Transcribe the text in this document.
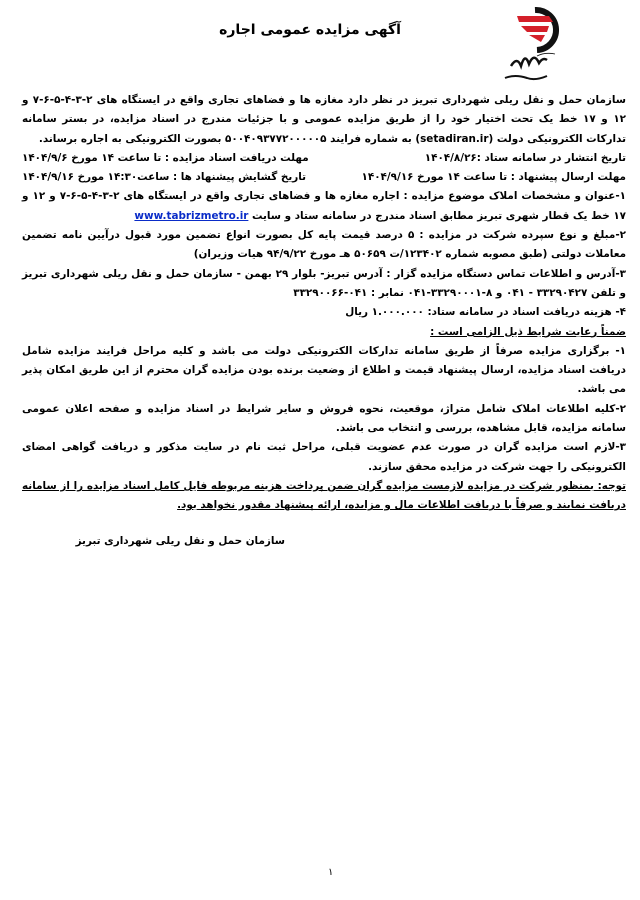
آگهی مزایده عمومی اجاره

سازمان حمل و نقل ریلی شهرداری تبریز در نظر دارد مغازه ها و فضاهای تجاری واقع در ایستگاه های ۲-۳-۴-۵-۶-۷ و ۱۲ و ۱۷ خط یک تحت اختیار خود را از طریق مزایده عمومی و با جزئیات مندرج در اسناد مزایده، در بستر سامانه تدارکات الکترونیکی دولت (setadiran.ir) به شماره فرایند ۵۰۰۴۰۹۳۷۷۲۰۰۰۰۰۵ بصورت الکترونیکی به اجاره برساند.

تاریخ انتشار در سامانه ستاد :۱۴۰۴/۸/۲۶
مهلت دریافت اسناد مزایده : تا ساعت ۱۴ مورخ ۱۴۰۴/۹/۶
مهلت ارسال پیشنهاد : تا ساعت ۱۴ مورخ ۱۴۰۴/۹/۱۶
تاریخ گشایش پیشنهاد ها : ساعت۱۴:۳۰ مورخ ۱۴۰۴/۹/۱۶

۱-عنوان و مشخصات املاک موضوع مزایده : اجاره مغازه ها و فضاهای تجاری واقع در ایستگاه های ۲-۳-۴-۵-۶-۷ و ۱۲ و ۱۷ خط یک قطار شهری تبریز مطابق اسناد مندرج در سامانه ستاد و سایت www.tabrizmetro.ir

۲-مبلغ و نوع سپرده شرکت در مزایده : ۵ درصد قیمت پایه کل بصورت انواع تضمین مورد قبول درآیین نامه تضمین معاملات دولتی (طبق مصوبه شماره ۱۲۳۴۰۲/ت ۵۰۶۵۹ هـ مورخ ۹۴/۹/۲۲ هیات وزیران)

۳-آدرس و اطلاعات تماس دستگاه مزایده گزار : آدرس تبریز- بلوار ۲۹ بهمن - سازمان حمل و نقل ریلی شهرداری تبریز و تلفن ۳۳۲۹۰۴۲۷ - ۰۴۱ و ۸-۳۳۲۹۰۰۰۱-۰۴۱ نمابر : ۰۴۱-۳۳۲۹۰۰۶۶

۴- هزینه دریافت اسناد در سامانه ستاد: ۱.۰۰۰.۰۰۰ ریال

ضمناً رعایت شرایط ذیل الزامی است :

۱- برگزاری مزایده صرفاً از طریق سامانه تدارکات الکترونیکی دولت می باشد و کلیه مراحل فرایند مزایده شامل دریافت اسناد مزایده، ارسال پیشنهاد قیمت و اطلاع از وضعیت برنده بودن مزایده گران محترم از این طریق امکان پذیر می باشد.

۲-کلیه اطلاعات املاک شامل متراژ، موقعیت، نحوه فروش و سایر شرایط در اسناد مزایده و صفحه اعلان عمومی سامانه مزایده، قابل مشاهده، بررسی و انتخاب می باشد.

۳-لازم است مزایده گران در صورت عدم عضویت قبلی، مراحل ثبت نام در سایت مذکور و دریافت گواهی امضای الکترونیکی را جهت شرکت در مزایده محقق سازند.

توجه: بمنظور شرکت در مزایده لازمست مزایده گران ضمن پرداخت هزینه مربوطه فایل کامل اسناد مزایده را از سامانه دریافت نمایند و صرفاً با دریافت اطلاعات مال و مزایده، ارائه پیشنهاد مقدور نخواهد بود.

سازمان حمل و نقل ریلی شهرداری تبریز
۱
